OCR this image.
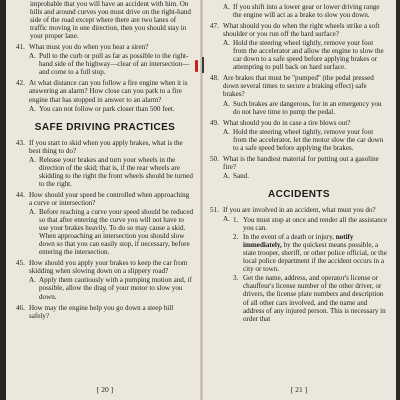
improbable that you will have an accident with him. On hills and around curves you must drive on the right-hand side of the road except where there are two lanes of traffic moving in one direction, then you should stay in your proper lane.

41. What must you do when you hear a siren?
A. Pull to the curb or pull as far as possible to the right-hand side of the highway—clear of an intersection—and come to a full stop.
42. At what distance can you follow a fire engine when it is answering an alarm? How close can you park to a fire engine that has stopped in answer to an alarm?
A. You can not follow or park closer than 500 feet.
SAFE DRIVING PRACTICES
43. If you start to skid when you apply brakes, what is the best thing to do?
A. Release your brakes and turn your wheels in the direction of the skid; that is, if the rear wheels are skidding to the right the front wheels should be turned to the right.
44. How should your speed be controlled when approaching a curve or intersection?
A. Before reaching a curve your speed should be reduced so that after entering the curve you will not have to use your brakes heavily. To do so may cause a skid. When approaching an intersection you should slow down so that you can easily stop, if necessary, before entering the intersection.
45. How should you apply your brakes to keep the car from skidding when slowing down on a slippery road?
A. Apply them cautiously with a pumping motion and, if possible, allow the drag of your motor to slow you down.
46. How may the engine help you go down a steep hill safely?
[ 20 ]
A. If you shift into a lower gear or lower driving range the engine will act as a brake to slow you down.
47. What should you do when the right wheels strike a soft shoulder or you run off the hard surface?
A. Hold the steering wheel tightly, remove your foot from the accelerator and allow the engine to slow the car down to a safe speed before applying brakes or attempting to pull back on hard surface.
48. Are brakes that must be "pumped" (the pedal pressed down several times to secure a braking effect) safe brakes?
A. Such brakes are dangerous, for in an emergency you do not have time to pump the pedal.
49. What should you do in case a tire blows out?
A. Hold the steering wheel tightly, remove your foot from the accelerator, let the motor slow the car down to a safe speed before applying the brakes.
50. What is the handiest material for putting out a gasoline fire?
A. Sand.
ACCIDENTS
51. If you are involved in an accident, what must you do?
A. 1. You must stop at once and render all the assistance you can.
2. In the event of a death or injury, notify immediately, by the quickest means possible, a state trooper, sheriff, or other police official, or the local police department if the accident occurs in a city or town.
3. Get the name, address, and operator's license or chauffeur's license number of the other driver, or drivers, the license plate numbers and description of all other cars involved, and the name and address of any injured person. This is necessary in order that
[ 21 ]
